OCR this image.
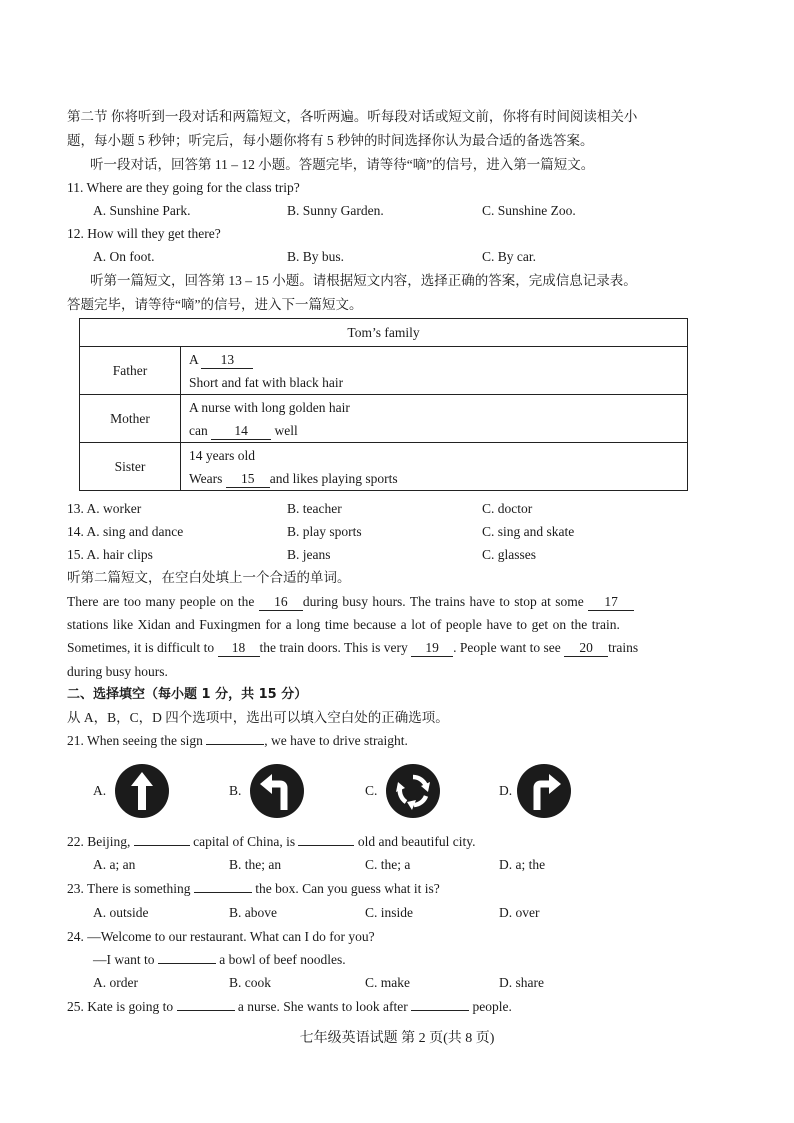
第二节 你将听到一段对话和两篇短文，各听两遍。听每段对话或短文前，你将有时间阅读相关小
题，每小题 5 秒钟；听完后，每小题你将有 5 秒钟的时间选择你认为最合适的备选答案。
听一段对话，回答第 11 – 12 小题。答题完毕，请等待“嘀”的信号，进入第一篇短文。
11. Where are they going for the class trip?
A. Sunshine Park.	B. Sunny Garden.	C. Sunshine Zoo.
12. How will they get there?
A. On foot.	B. By bus.	C. By car.
听第一篇短文，回答第 13 – 15 小题。请根据短文内容，选择正确的答案，完成信息记录表。
答题完毕，请等待“嘀”的信号，进入下一篇短文。
Tom’s family	
Father	A 13
Short and fat with black hair

Mother	A nurse with long golden hair
can 14 well

Sister	14 years old
Wears 15 and likes playing sports
13. A. worker	B. teacher	C. doctor
14. A. sing and dance	B. play sports	C. sing and skate
15. A. hair clips	B. jeans	C. glasses
听第二篇短文，在空白处填上一个合适的单词。
There are too many people on the 16 during busy hours. The trains have to stop at some 17
stations like Xidan and Fuxingmen for a long time because a lot of people have to get on the train.
Sometimes, it is difficult to 18 the train doors. This is very 19 . People want to see 20 trains
during busy hours.
二、选择填空（每小题 1 分，共 15 分）
从 A，B，C，D 四个选项中，选出可以填入空白处的正确选项。
21. When seeing the sign	, we have to drive straight.
A.	B.	C.	D.
22. Beijing,	capital of China, is	old and beautiful city.
A. a; an	B. the; an	C. the; a	D. a; the
23. There is something	the box. Can you guess what it is?
A. outside	B. above	C. inside	D. over
24. —Welcome to our restaurant. What can I do for you?
—I want to	a bowl of beef noodles.
A. order	B. cook	C. make	D. share
25. Kate is going to	a nurse. She wants to look after	people.
七年级英语试题 第 2 页(共 8 页)
